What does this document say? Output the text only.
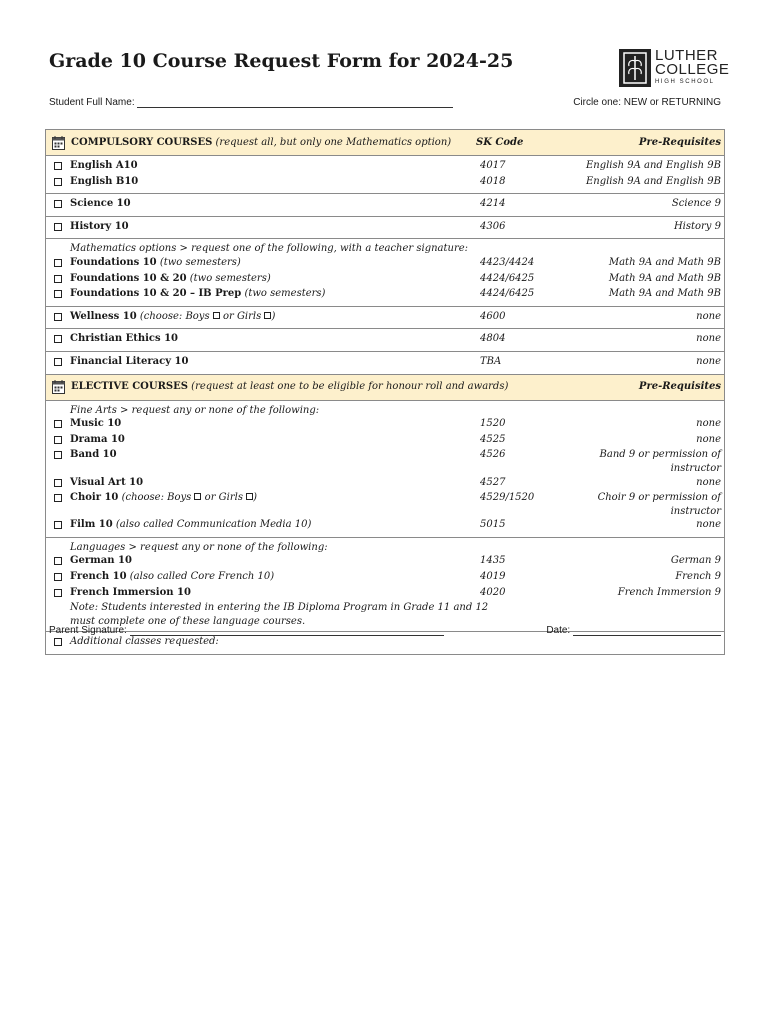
Grade 10 Course Request Form for 2024-25	LUTHER
COLLEGE
HIGH SCHOOL
Student Full Name:	Circle one: NEW or RETURNING
COMPULSORY COURSES (request all, but only one Mathematics option)	SK Code	Pre-Requisites

English A10	4017	English 9A and English 9B
English B10	4018	English 9A and English 9B

Science 10	4214	Science 9

History 10	4306	History 9

Mathematics options > request one of the following, with a teacher signature:
Foundations 10 (two semesters)	4423/4424	Math 9A and Math 9B
Foundations 10 & 20 (two semesters)	4424/6425	Math 9A and Math 9B
Foundations 10 & 20 – IB Prep (two semesters)	4424/6425	Math 9A and Math 9B

Wellness 10 (choose: Boys or Girls )	4600	none

Christian Ethics 10	4804	none

Financial Literacy 10	TBA	none

ELECTIVE COURSES (request at least one to be eligible for honour roll and awards)	Pre-Requisites

Fine Arts > request any or none of the following:
Music 10	1520	none
Drama 10	4525	none
Band 10	4526	Band 9 or permission of instructor
Visual Art 10	4527	none
Choir 10 (choose: Boys or Girls )	4529/1520	Choir 9 or permission of instructor
Film 10 (also called Communication Media 10)	5015	none

Languages > request any or none of the following:
German 10	1435	German 9
French 10 (also called Core French 10)	4019	French 9
French Immersion 10	4020	French Immersion 9
Note: Students interested in entering the IB Diploma Program in Grade 11 and 12
must complete one of these language courses.

Additional classes requested:
Parent Signature:	Date:
